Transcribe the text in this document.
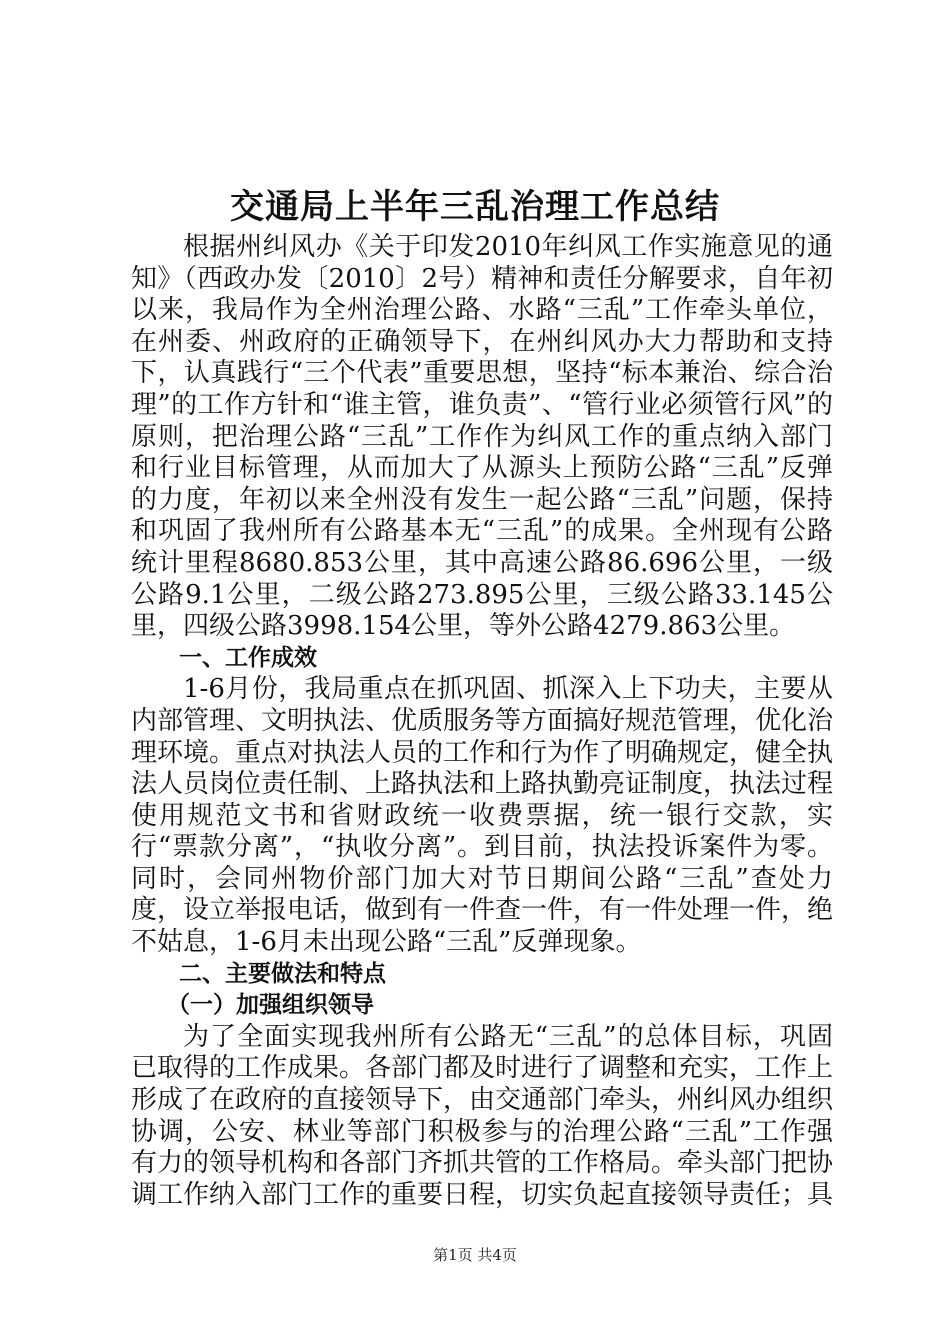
交通局上半年三乱治理工作总结

根据州纠风办《关于印发2010年纠风工作实施意见的通知》（西政办发〔2010〕2号）精神和责任分解要求，自年初以来，我局作为全州治理公路、水路“三乱”工作牵头单位，在州委、州政府的正确领导下，在州纠风办大力帮助和支持下，认真践行“三个代表”重要思想，坚持“标本兼治、综合治理”的工作方针和“谁主管，谁负责”、“管行业必须管行风”的原则，把治理公路“三乱”工作作为纠风工作的重点纳入部门和行业目标管理，从而加大了从源头上预防公路“三乱”反弹的力度，年初以来全州没有发生一起公路“三乱”问题，保持和巩固了我州所有公路基本无“三乱”的成果。全州现有公路统计里程8680.853公里，其中高速公路86.696公里，一级公路9.1公里，二级公路273.895公里，三级公路33.145公里，四级公路3998.154公里，等外公路4279.863公里。

一、工作成效

1-6月份，我局重点在抓巩固、抓深入上下功夫，主要从内部管理、文明执法、优质服务等方面搞好规范管理，优化治理环境。重点对执法人员的工作和行为作了明确规定，健全执法人员岗位责任制、上路执法和上路执勤亮证制度，执法过程使用规范文书和省财政统一收费票据，统一银行交款，实行“票款分离”，“执收分离”。到目前，执法投诉案件为零。同时，会同州物价部门加大对节日期间公路“三乱”查处力度，设立举报电话，做到有一件查一件，有一件处理一件，绝不姑息，1-6月未出现公路“三乱”反弹现象。

二、主要做法和特点

（一）加强组织领导

为了全面实现我州所有公路无“三乱”的总体目标，巩固已取得的工作成果。各部门都及时进行了调整和充实，工作上形成了在政府的直接领导下，由交通部门牵头，州纠风办组织协调，公安、林业等部门积极参与的治理公路“三乱”工作强有力的领导机构和各部门齐抓共管的工作格局。牵头部门把协调工作纳入部门工作的重要日程，切实负起直接领导责任；具

第1页 共4页
